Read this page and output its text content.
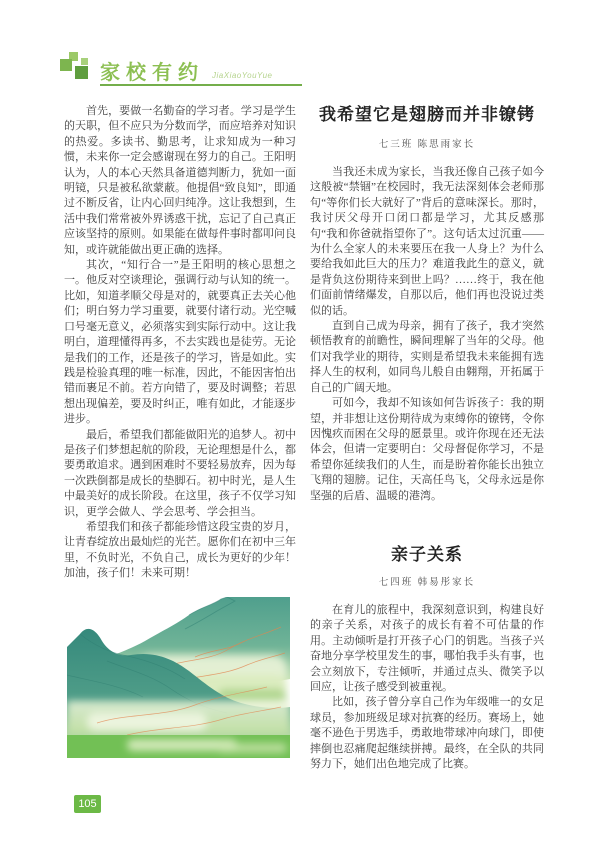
家校有约 JiaXiaoYouYue

首先，要做一名勤奋的学习者。学习是学生的天职，但不应只为分数而学，而应培养对知识的热爱。多读书、勤思考，让求知成为一种习惯，未来你一定会感谢现在努力的自己。王阳明认为，人的本心天然具备道德判断力，犹如一面明镜，只是被私欲蒙蔽。他提倡“致良知”，即通过不断反省，让内心回归纯净。这让我想到，生活中我们常常被外界诱惑干扰，忘记了自己真正应该坚持的原则。如果能在做每件事时都叩问良知，或许就能做出更正确的选择。

其次，“知行合一”是王阳明的核心思想之一。他反对空谈理论，强调行动与认知的统一。比如，知道孝顺父母是对的，就要真正去关心他们；明白努力学习重要，就要付诸行动。光空喊口号毫无意义，必须落实到实际行动中。这让我明白，道理懂得再多，不去实践也是徒劳。无论是我们的工作，还是孩子的学习，皆是如此。实践是检验真理的唯一标准，因此，不能因害怕出错而裹足不前。若方向错了，要及时调整；若思想出现偏差，要及时纠正，唯有如此，才能逐步进步。

最后，希望我们都能做阳光的追梦人。初中是孩子们梦想起航的阶段，无论理想是什么，都要勇敢追求。遇到困难时不要轻易放弃，因为每一次跌倒都是成长的垫脚石。初中时光，是人生中最美好的成长阶段。在这里，孩子不仅学习知识，更学会做人、学会思考、学会担当。

希望我们和孩子都能珍惜这段宝贵的岁月，让青春绽放出最灿烂的光芒。愿你们在初中三年里，不负时光，不负自己，成长为更好的少年！加油，孩子们！未来可期！

我希望它是翅膀而并非镣铐
七三班 陈思雨家长

当我还未成为家长，当我还像自己孩子如今这般被“禁锢”在校园时，我无法深刻体会老师那句“等你们长大就好了”背后的意味深长。那时，我讨厌父母开口闭口都是学习，尤其反感那句“我和你爸就指望你了”。这句话太过沉重——为什么全家人的未来要压在我一人身上？为什么要给我如此巨大的压力？难道我此生的意义，就是背负这份期待来到世上吗？……终于，我在他们面前情绪爆发，自那以后，他们再也没说过类似的话。

直到自己成为母亲，拥有了孩子，我才突然顿悟教育的前瞻性，瞬间理解了当年的父母。他们对我学业的期待，实则是希望我未来能拥有选择人生的权利，如同鸟儿般自由翱翔，开拓属于自己的广阔天地。

可如今，我却不知该如何告诉孩子：我的期望，并非想让这份期待成为束缚你的镣铐，令你因愧疚而困在父母的愿景里。或许你现在还无法体会，但请一定要明白：父母督促你学习，不是希望你延续我们的人生，而是盼着你能长出独立飞翔的翅膀。记住，天高任鸟飞，父母永远是你坚强的后盾、温暖的港湾。

亲子关系
七四班 韩易彤家长

在育儿的旅程中，我深刻意识到，构建良好的亲子关系，对孩子的成长有着不可估量的作用。主动倾听是打开孩子心门的钥匙。当孩子兴奋地分享学校里发生的事，哪怕我手头有事，也会立刻放下，专注倾听，并通过点头、微笑予以回应，让孩子感受到被重视。

比如，孩子曾分享自己作为年级唯一的女足球员，参加班级足球对抗赛的经历。赛场上，她毫不逊色于男选手，勇敢地带球冲向球门，即使摔倒也忍痛爬起继续拼搏。最终，在全队的共同努力下，她们出色地完成了比赛。

105
